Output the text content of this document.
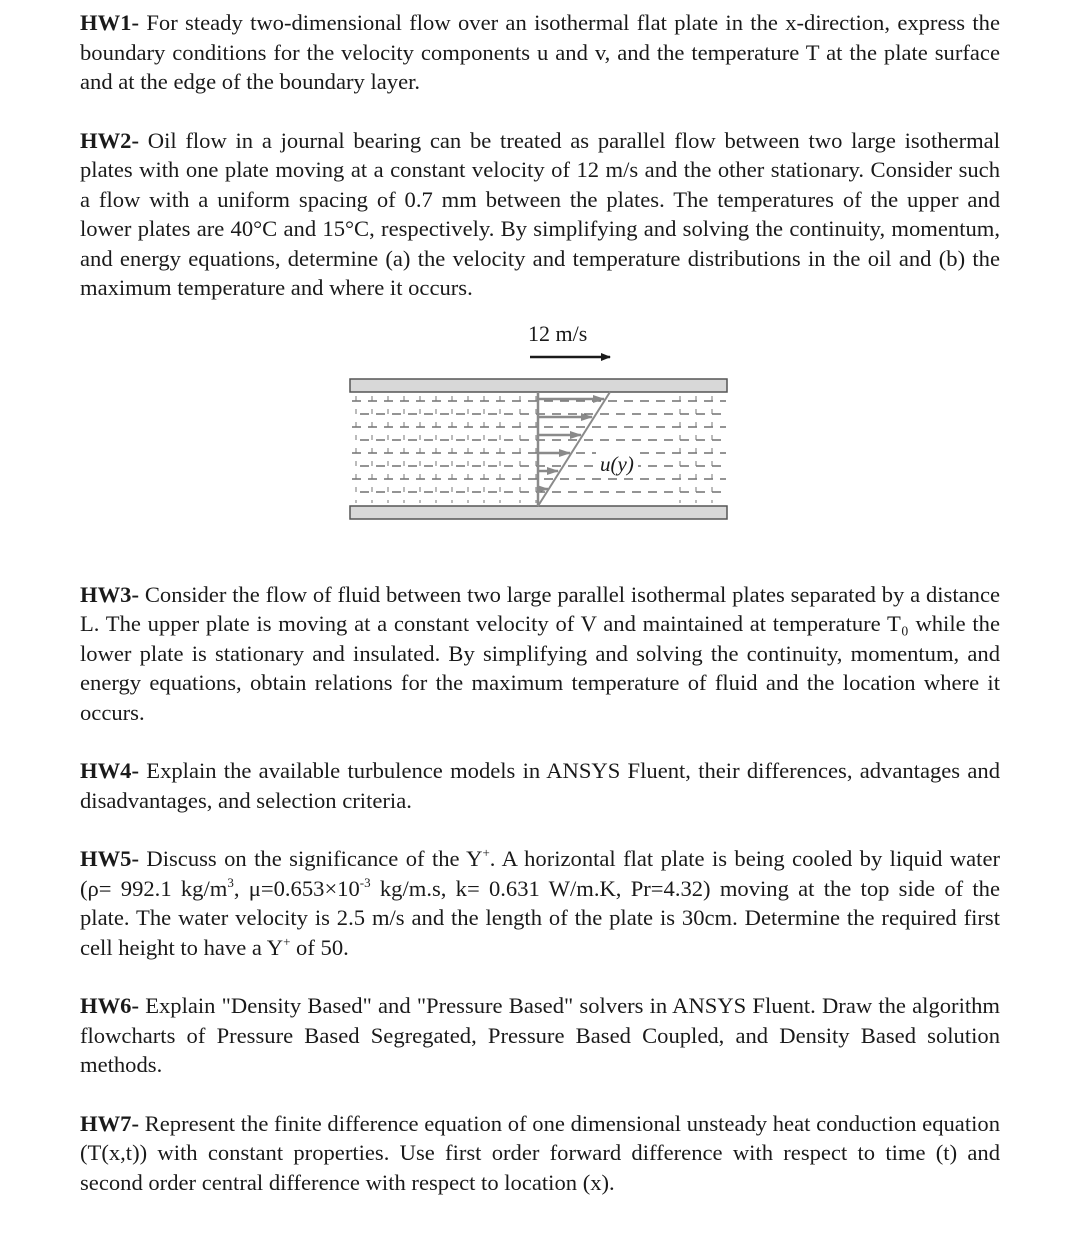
HW1- For steady two-dimensional flow over an isothermal flat plate in the x-direction, express the boundary conditions for the velocity components u and v, and the temperature T at the plate surface and at the edge of the boundary layer.

HW2- Oil flow in a journal bearing can be treated as parallel flow between two large isothermal plates with one plate moving at a constant velocity of 12 m/s and the other stationary. Consider such a flow with a uniform spacing of 0.7 mm between the plates. The temperatures of the upper and lower plates are 40°C and 15°C, respectively. By simplifying and solving the continuity, momentum, and energy equations, determine (a) the velocity and temperature distributions in the oil and (b) the maximum temperature and where it occurs.

12 m/s
u(y)

HW3- Consider the flow of fluid between two large parallel isothermal plates separated by a distance L. The upper plate is moving at a constant velocity of V and maintained at temperature T₀ while the lower plate is stationary and insulated. By simplifying and solving the continuity, momentum, and energy equations, obtain relations for the maximum temperature of fluid and the location where it occurs.

HW4- Explain the available turbulence models in ANSYS Fluent, their differences, advantages and disadvantages, and selection criteria.

HW5- Discuss on the significance of the Y+. A horizontal flat plate is being cooled by liquid water (ρ= 992.1 $kg/m^3$, $\mu=0.653\times 10^{-3}$ kg/m.s, k= 0.631 W/m.K, Pr=4.32) moving at the top side of the plate. The water velocity is 2.5 m/s and the length of the plate is 30cm. Determine the required first cell height to have a Y+ of 50.

HW6- Explain "Density Based" and "Pressure Based" solvers in ANSYS Fluent. Draw the algorithm flowcharts of Pressure Based Segregated, Pressure Based Coupled, and Density Based solution methods.

HW7- Represent the finite difference equation of one dimensional unsteady heat conduction equation (T(x,t)) with constant properties. Use first order forward difference with respect to time (t) and second order central difference with respect to location (x).
